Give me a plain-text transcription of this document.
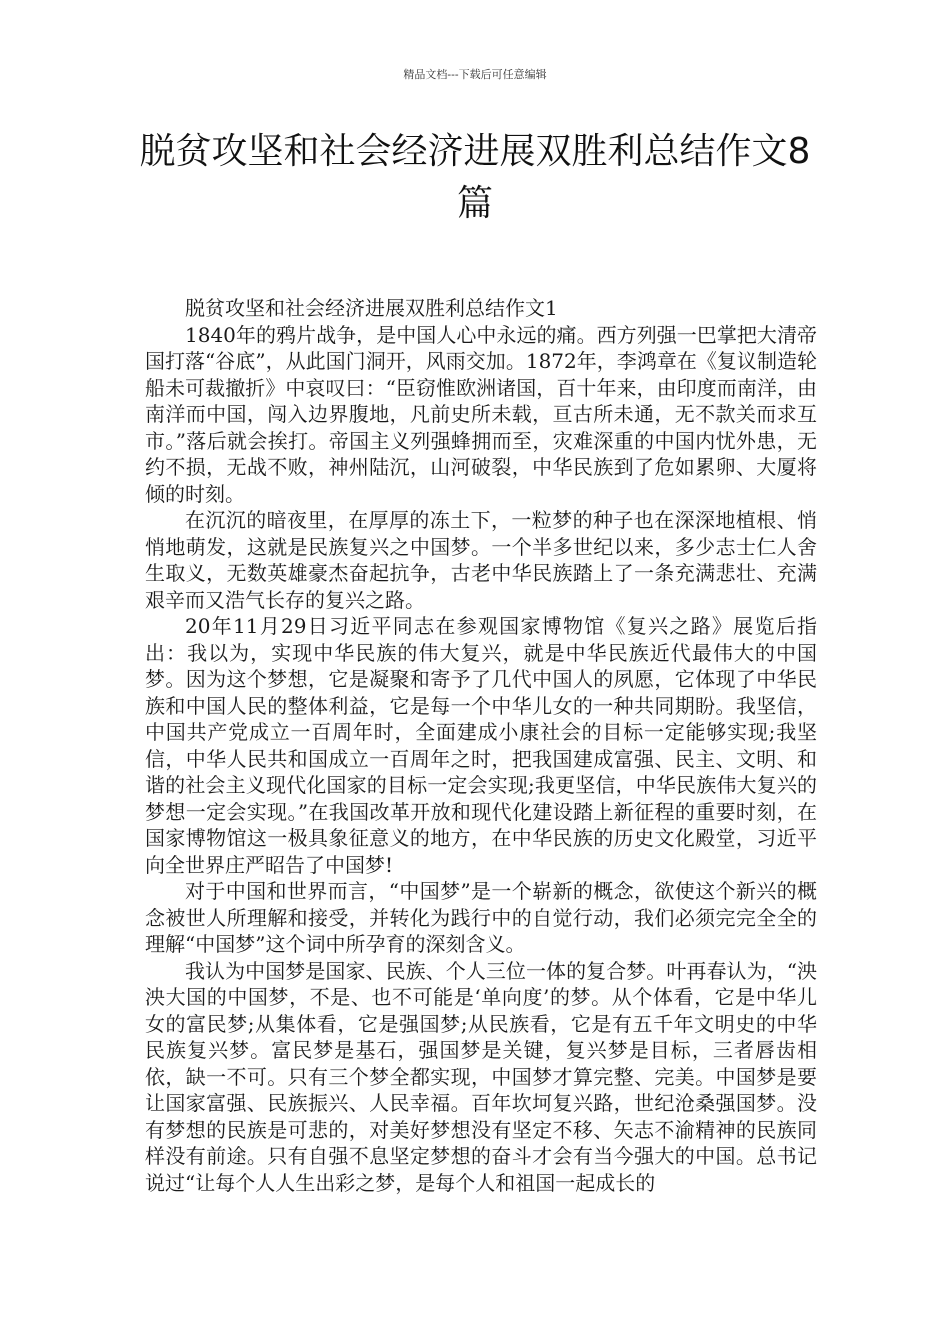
精品文档---下载后可任意编辑
脱贫攻坚和社会经济进展双胜利总结作文8篇

脱贫攻坚和社会经济进展双胜利总结作文1

1840年的鸦片战争，是中国人心中永远的痛。西方列强一巴掌把大清帝国打落“谷底”，从此国门洞开，风雨交加。1872年，李鸿章在《复议制造轮船未可裁撤折》中哀叹曰：“臣窃惟欧洲诸国，百十年来，由印度而南洋，由南洋而中国，闯入边界腹地，凡前史所未载，亘古所未通，无不款关而求互市。”落后就会挨打。帝国主义列强蜂拥而至，灾难深重的中国内忧外患，无约不损，无战不败，神州陆沉，山河破裂，中华民族到了危如累卵、大厦将倾的时刻。

在沉沉的暗夜里，在厚厚的冻土下，一粒梦的种子也在深深地植根、悄悄地萌发，这就是民族复兴之中国梦。一个半多世纪以来，多少志士仁人舍生取义，无数英雄豪杰奋起抗争，古老中华民族踏上了一条充满悲壮、充满艰辛而又浩气长存的复兴之路。

20年11月29日习近平同志在参观国家博物馆《复兴之路》展览后指出：我以为，实现中华民族的伟大复兴，就是中华民族近代最伟大的中国梦。因为这个梦想，它是凝聚和寄予了几代中国人的夙愿，它体现了中华民族和中国人民的整体利益，它是每一个中华儿女的一种共同期盼。我坚信，中国共产党成立一百周年时，全面建成小康社会的目标一定能够实现;我坚信，中华人民共和国成立一百周年之时，把我国建成富强、民主、文明、和谐的社会主义现代化国家的目标一定会实现;我更坚信，中华民族伟大复兴的梦想一定会实现。”在我国改革开放和现代化建设踏上新征程的重要时刻，在国家博物馆这一极具象征意义的地方，在中华民族的历史文化殿堂，习近平向全世界庄严昭告了中国梦!

对于中国和世界而言，“中国梦”是一个崭新的概念，欲使这个新兴的概念被世人所理解和接受，并转化为践行中的自觉行动，我们必须完完全全的理解“中国梦”这个词中所孕育的深刻含义。

我认为中国梦是国家、民族、个人三位一体的复合梦。叶再春认为，“泱泱大国的中国梦，不是、也不可能是‘单向度’的梦。从个体看，它是中华儿女的富民梦;从集体看，它是强国梦;从民族看，它是有五千年文明史的中华民族复兴梦。富民梦是基石，强国梦是关键，复兴梦是目标，三者唇齿相依，缺一不可。只有三个梦全都实现，中国梦才算完整、完美。中国梦是要让国家富强、民族振兴、人民幸福。百年坎坷复兴路，世纪沧桑强国梦。没有梦想的民族是可悲的，对美好梦想没有坚定不移、矢志不渝精神的民族同样没有前途。只有自强不息坚定梦想的奋斗才会有当今强大的中国。总书记说过“让每个人人生出彩之梦，是每个人和祖国一起成长的
